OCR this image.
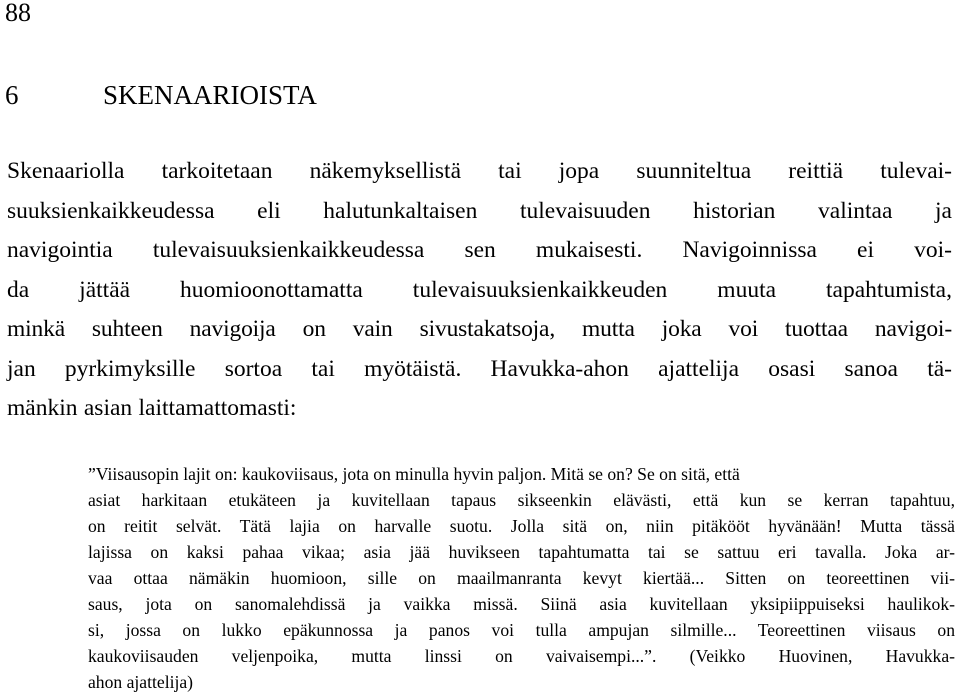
88
6	SKENAARIOISTA
Skenaariolla tarkoitetaan näkemyksellistä tai jopa suunniteltua reittiä tulevai-
suuksienkaikkeudessa eli halutunkaltaisen tulevaisuuden historian valintaa ja
navigointia tulevaisuuksienkaikkeudessa sen mukaisesti. Navigoinnissa ei voi-
da jättää huomioonottamatta tulevaisuuksienkaikkeuden muuta tapahtumista,
minkä suhteen navigoija on vain sivustakatsoja, mutta joka voi tuottaa navigoi-
jan pyrkimyksille sortoa tai myötäistä. Havukka-ahon ajattelija osasi sanoa tä-
mänkin asian laittamattomasti:
”Viisausopin lajit on: kaukoviisaus, jota on minulla hyvin paljon. Mitä se on? Se on sitä, että
asiat harkitaan etukäteen ja kuvitellaan tapaus sikseenkin elävästi, että kun se kerran tapahtuu,
on reitit selvät. Tätä lajia on harvalle suotu. Jolla sitä on, niin pitäkööt hyvänään! Mutta tässä
lajissa on kaksi pahaa vikaa; asia jää huvikseen tapahtumatta tai se sattuu eri tavalla. Joka ar-
vaa ottaa nämäkin huomioon, sille on maailmanranta kevyt kiertää... Sitten on teoreettinen vii-
saus, jota on sanomalehdissä ja vaikka missä. Siinä asia kuvitellaan yksipiippuiseksi haulikok-
si, jossa on lukko epäkunnossa ja panos voi tulla ampujan silmille... Teoreettinen viisaus on
kaukoviisauden veljenpoika, mutta linssi on vaivaisempi...”. (Veikko Huovinen, Havukka-
ahon ajattelija)
